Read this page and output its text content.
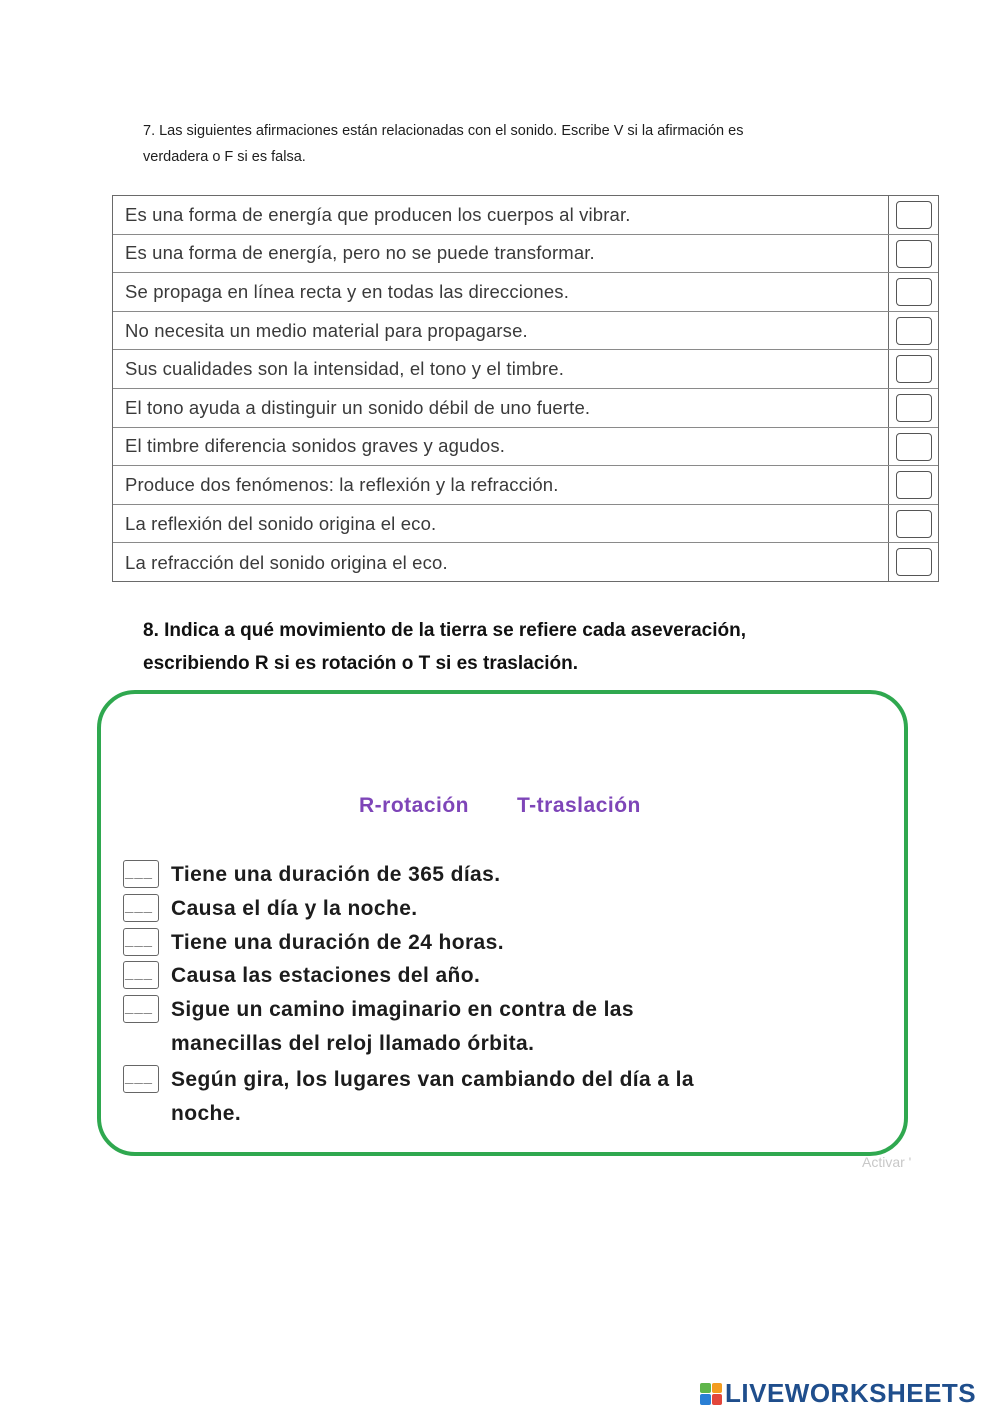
7. Las siguientes afirmaciones están relacionadas con el sonido. Escribe V si la afirmación es
verdadera o F si es falsa.
Es una forma de energía que producen los cuerpos al vibrar.
Es una forma de energía, pero no se puede transformar.
Se propaga en línea recta y en todas las direcciones.
No necesita un medio material para propagarse.
Sus cualidades son la intensidad, el tono y el timbre.
El tono ayuda a distinguir un sonido débil de uno fuerte.
El timbre diferencia sonidos graves y agudos.
Produce dos fenómenos: la reflexión y la refracción.
La reflexión del sonido origina el eco.
La refracción del sonido origina el eco.
8. Indica a qué movimiento de la tierra se refiere cada aseveración,
escribiendo R si es rotación o T si es traslación.
R-rotación T-traslación
___ Tiene una duración de 365 días.
___ Causa el día y la noche.
___ Tiene una duración de 24 horas.
___ Causa las estaciones del año.
___ Sigue un camino imaginario en contra de las
manecillas del reloj llamado órbita.
___ Según gira, los lugares van cambiando del día a la
noche.
Activar '
LIVEWORKSHEETS
